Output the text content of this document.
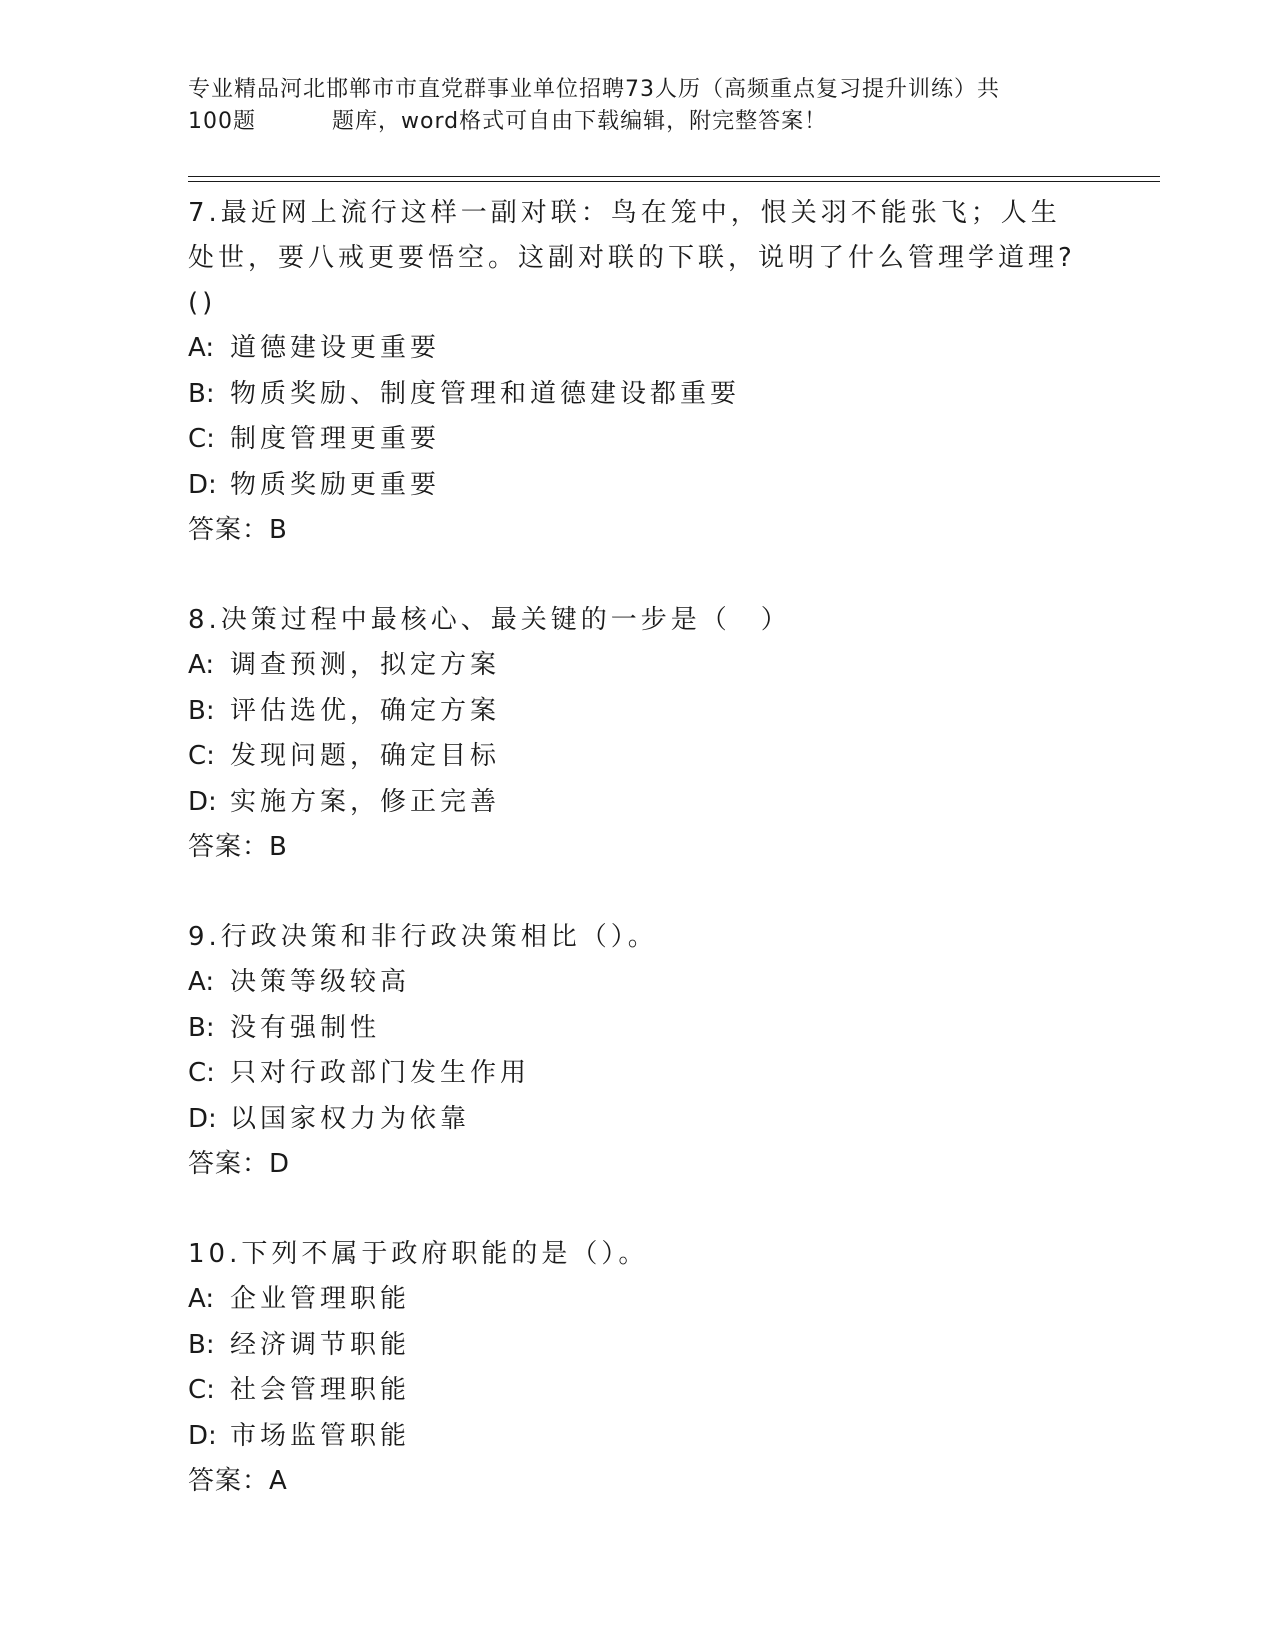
专业精品河北邯郸市市直党群事业单位招聘73人历（高频重点复习提升训练）共

100题	题库，word格式可自由下载编辑，附完整答案！
7.最近网上流行这样一副对联：鸟在笼中，恨关羽不能张飞；人生处世，要八戒更要悟空。这副对联的下联，说明了什么管理学道理?()
A: 道德建设更重要
B: 物质奖励、制度管理和道德建设都重要
C: 制度管理更重要
D: 物质奖励更重要
答案：B
8.决策过程中最核心、最关键的一步是（　）
A: 调查预测，拟定方案
B: 评估选优，确定方案
C: 发现问题，确定目标
D: 实施方案，修正完善
答案：B
9.行政决策和非行政决策相比（）。
A: 决策等级较高
B: 没有强制性
C: 只对行政部门发生作用
D: 以国家权力为依靠
答案：D
10.下列不属于政府职能的是（）。
A: 企业管理职能
B: 经济调节职能
C: 社会管理职能
D: 市场监管职能
答案：A
